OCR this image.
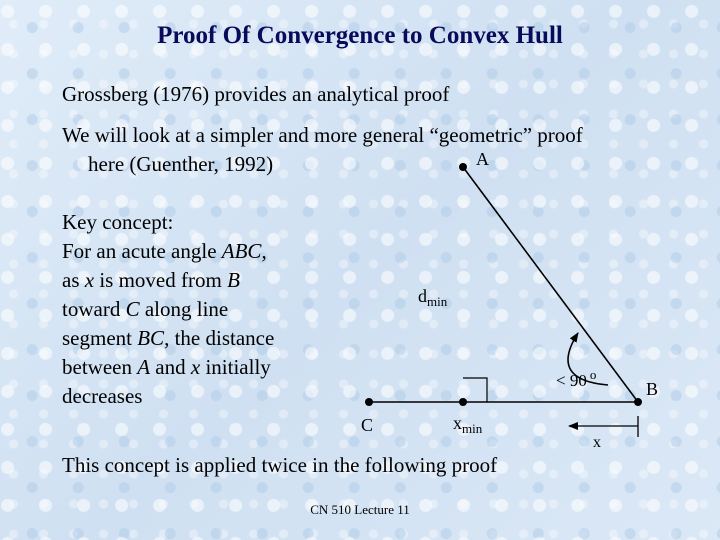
Proof Of Convergence to Convex Hull
Grossberg (1976) provides an analytical proof
We will look at a simpler and more general “geometric” proof
here (Guenther, 1992)
Key concept:
For an acute angle ABC,
as x is moved from B
toward C along line
segment BC, the distance
between A and x initially
decreases
This concept is applied twice in the following proof
A
B
C
$d_{min}$
$x_{min}$
< 90 $^o$
x
CN 510 Lecture 11
